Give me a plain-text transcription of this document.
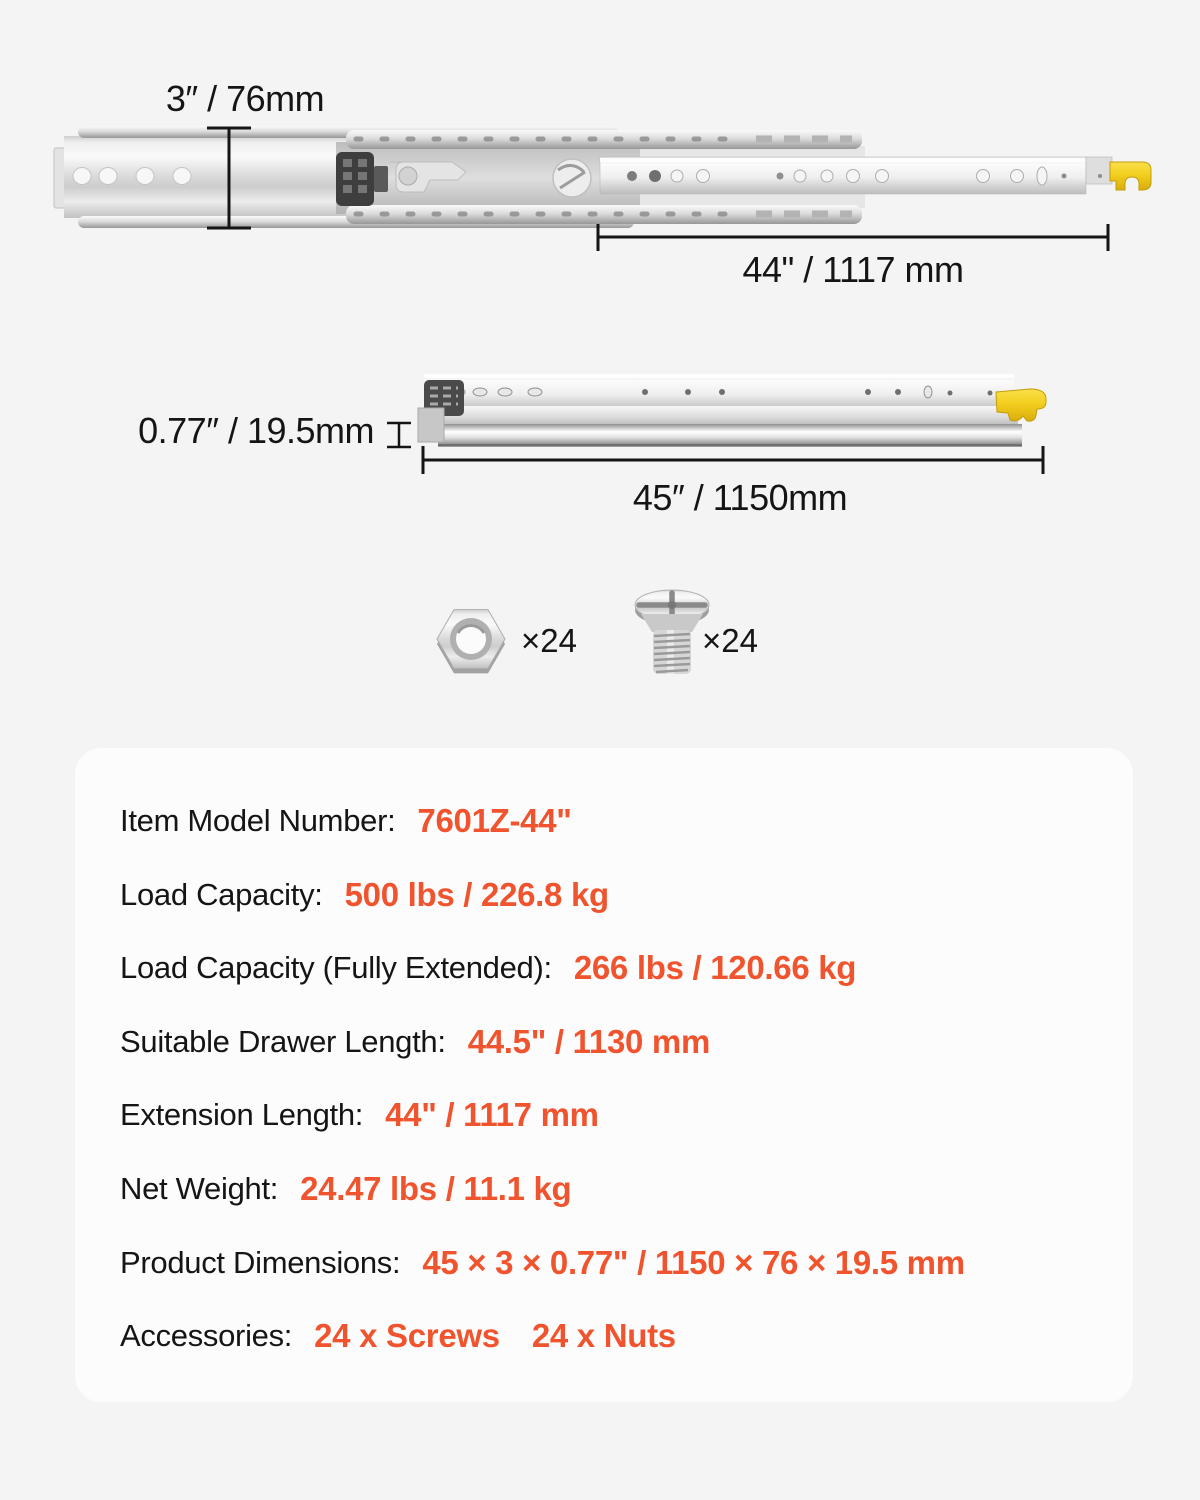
3″ / 76mm
44" / 1117 mm
0.77″ / 19.5mm
45″ / 1150mm
×24	×24
Item Model Number: 7601Z-44"
Load Capacity: 500 lbs / 226.8 kg
Load Capacity (Fully Extended): 266 lbs / 120.66 kg
Suitable Drawer Length: 44.5" / 1130 mm
Extension Length: 44" / 1117 mm
Net Weight: 24.47 lbs / 11.1 kg
Product Dimensions: 45 × 3 × 0.77" / 1150 × 76 × 19.5 mm
Accessories: 24 x Screws 24 x Nuts
